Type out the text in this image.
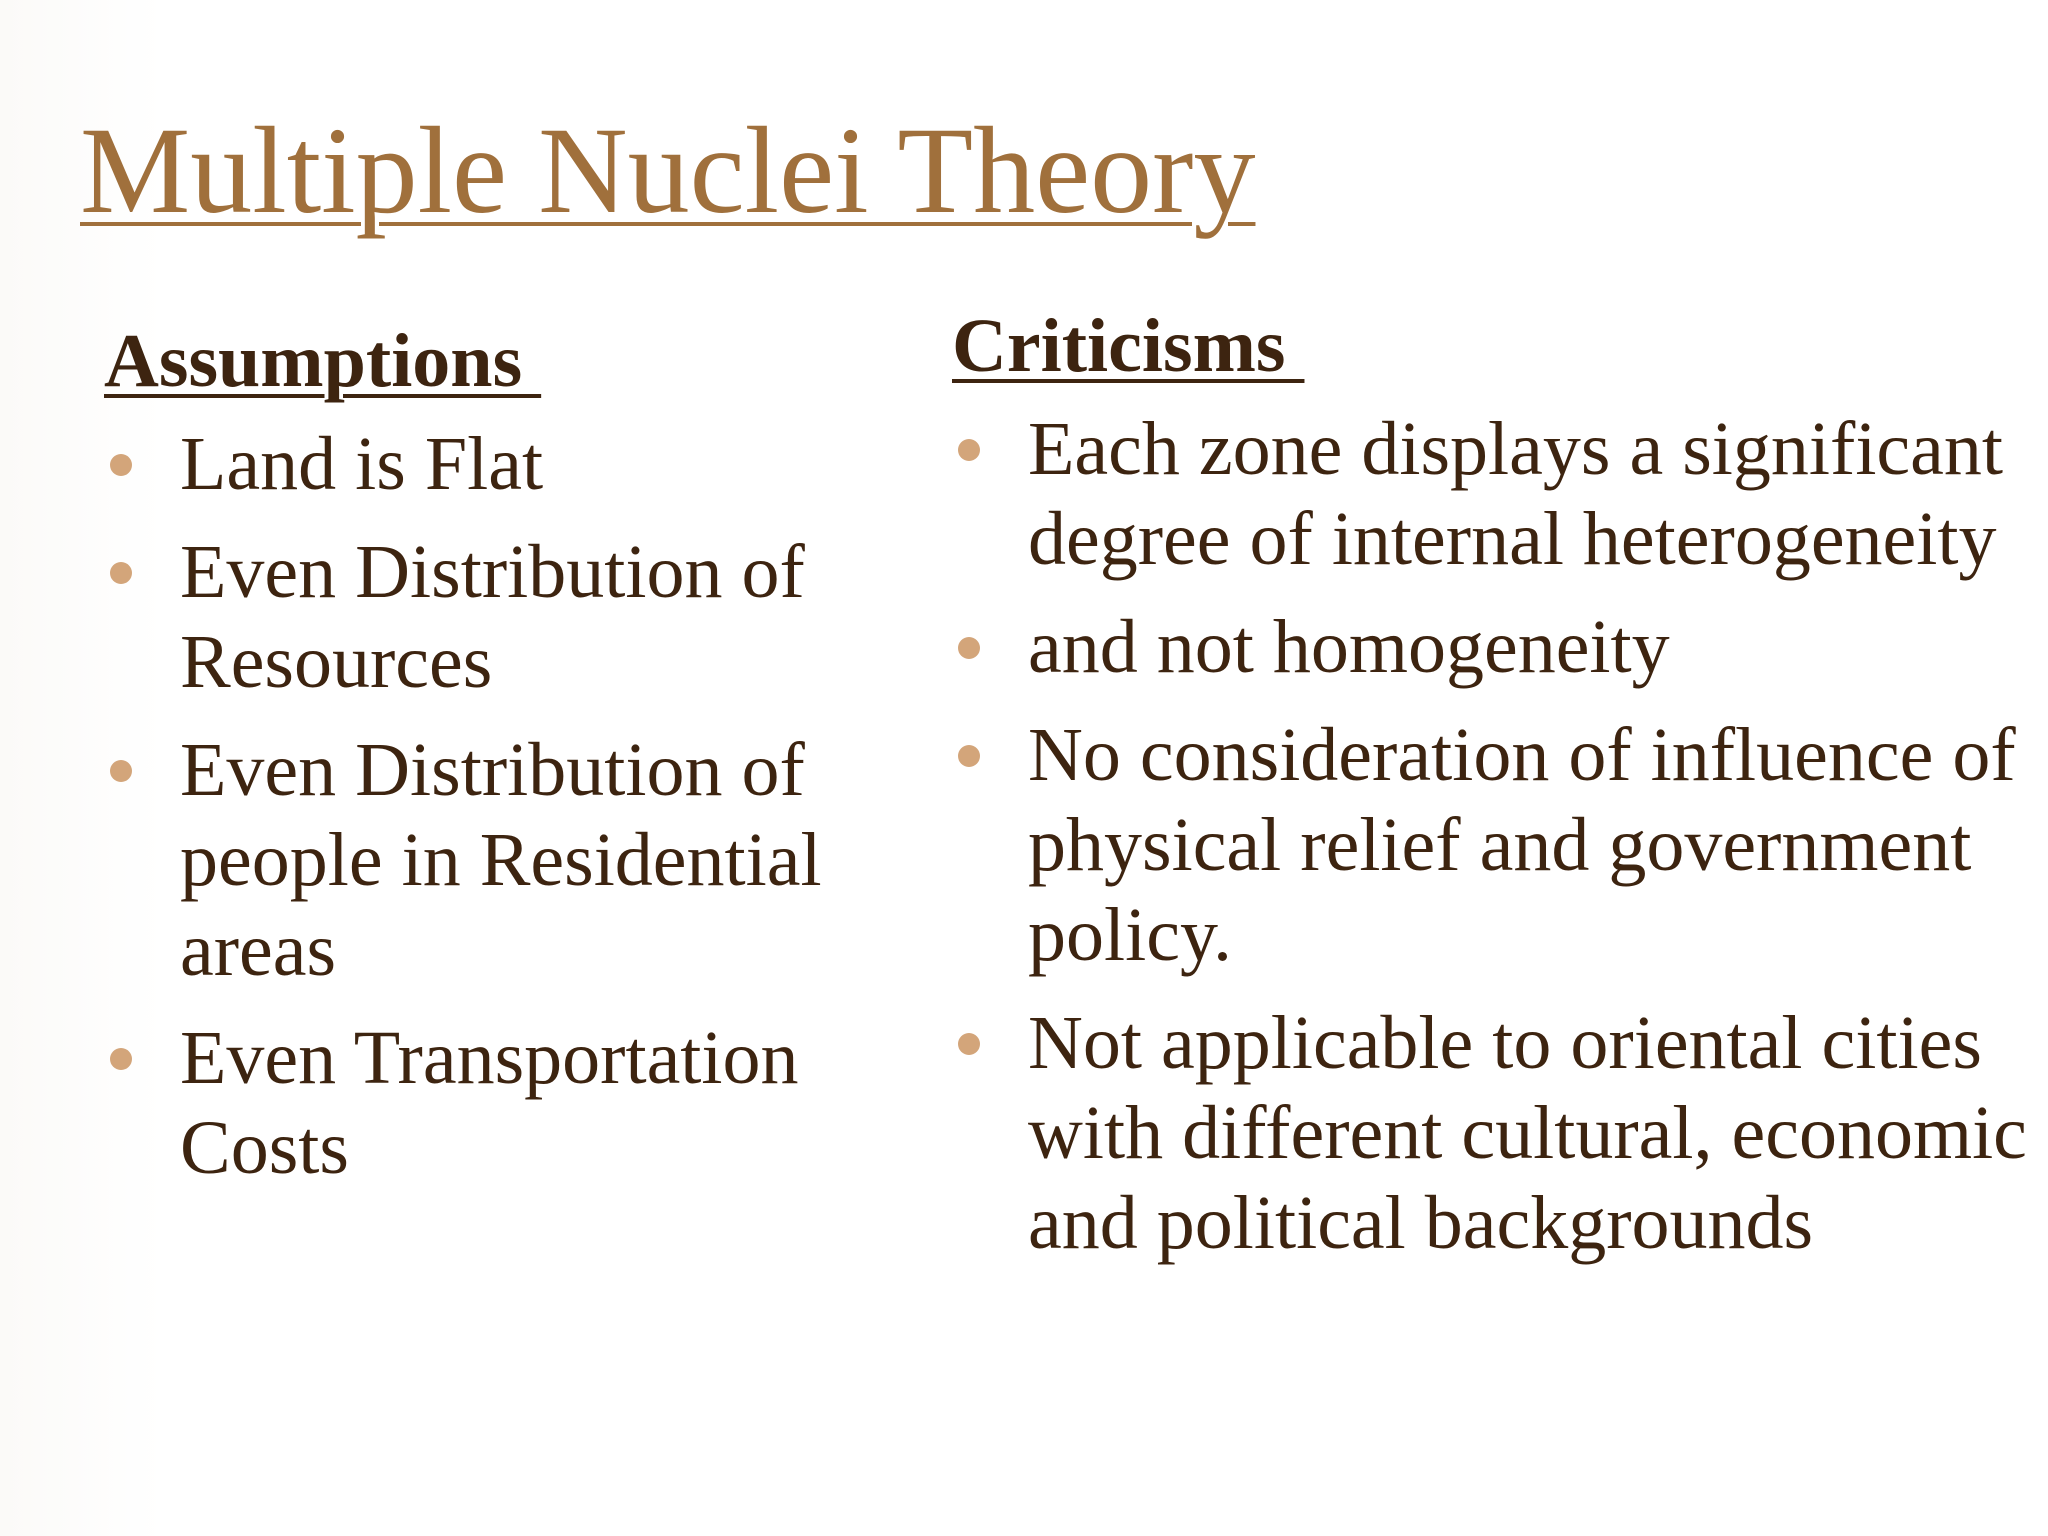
Multiple Nuclei Theory
Assumptions
Land is Flat
Even Distribution of Resources
Even Distribution of people in Residential areas
Even Transportation Costs
Criticisms
Each zone displays a significant degree of internal heterogeneity
and not homogeneity
No consideration of influence of physical relief and government policy.
Not applicable to oriental cities with different cultural, economic and political backgrounds
